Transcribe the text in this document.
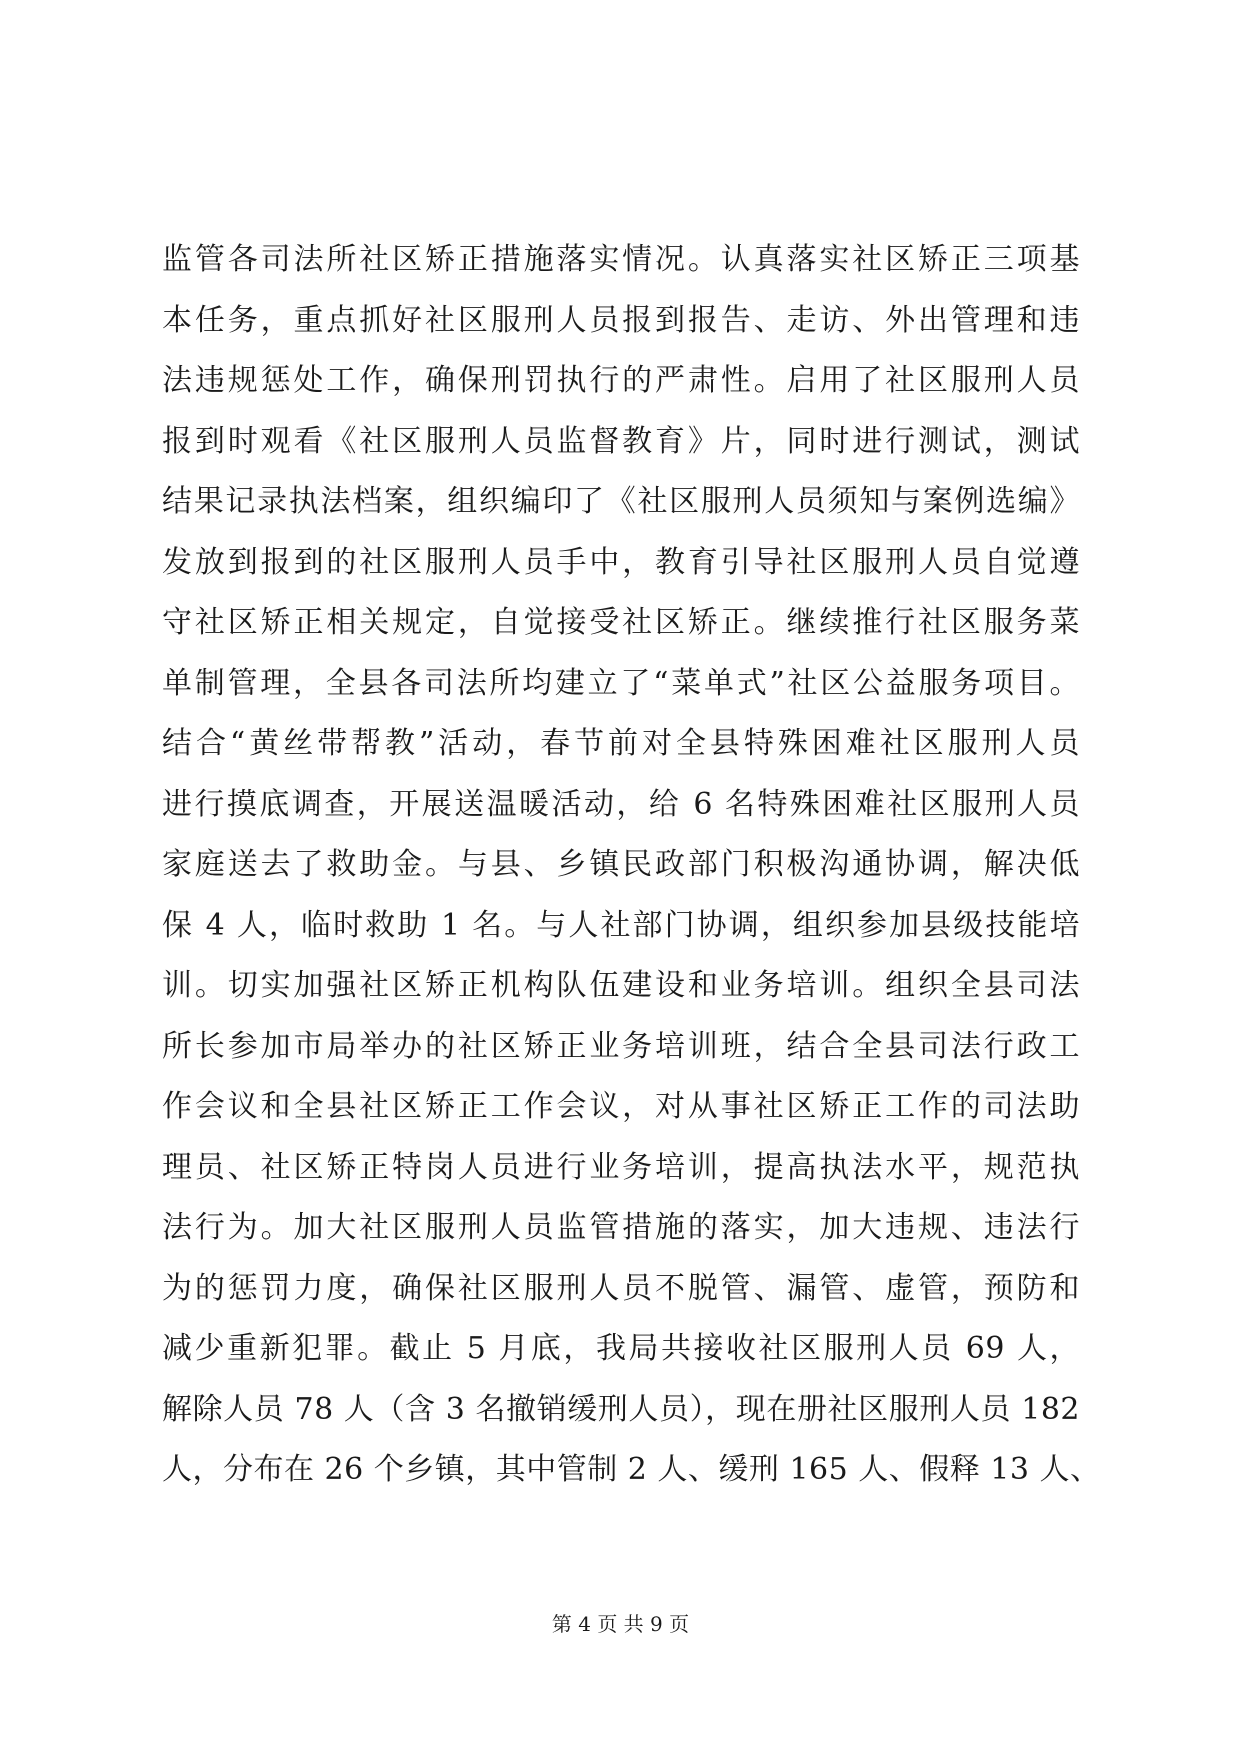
监管各司法所社区矫正措施落实情况。认真落实社区矫正三项基
本任务，重点抓好社区服刑人员报到报告、走访、外出管理和违
法违规惩处工作，确保刑罚执行的严肃性。启用了社区服刑人员
报到时观看《社区服刑人员监督教育》片，同时进行测试，测试
结果记录执法档案，组织编印了《社区服刑人员须知与案例选编》
发放到报到的社区服刑人员手中，教育引导社区服刑人员自觉遵
守社区矫正相关规定，自觉接受社区矫正。继续推行社区服务菜
单制管理，全县各司法所均建立了“菜单式”社区公益服务项目。
结合“黄丝带帮教”活动，春节前对全县特殊困难社区服刑人员
进行摸底调查，开展送温暖活动，给 6 名特殊困难社区服刑人员
家庭送去了救助金。与县、乡镇民政部门积极沟通协调，解决低
保 4 人，临时救助 1 名。与人社部门协调，组织参加县级技能培
训。切实加强社区矫正机构队伍建设和业务培训。组织全县司法
所长参加市局举办的社区矫正业务培训班，结合全县司法行政工
作会议和全县社区矫正工作会议，对从事社区矫正工作的司法助
理员、社区矫正特岗人员进行业务培训，提高执法水平，规范执
法行为。加大社区服刑人员监管措施的落实，加大违规、违法行
为的惩罚力度，确保社区服刑人员不脱管、漏管、虚管，预防和
减少重新犯罪。截止 5 月底，我局共接收社区服刑人员 69 人，
解除人员 78 人（含 3 名撤销缓刑人员），现在册社区服刑人员 182
人，分布在 26 个乡镇，其中管制 2 人、缓刑 165 人、假释 13 人、
第 4 页 共 9 页
